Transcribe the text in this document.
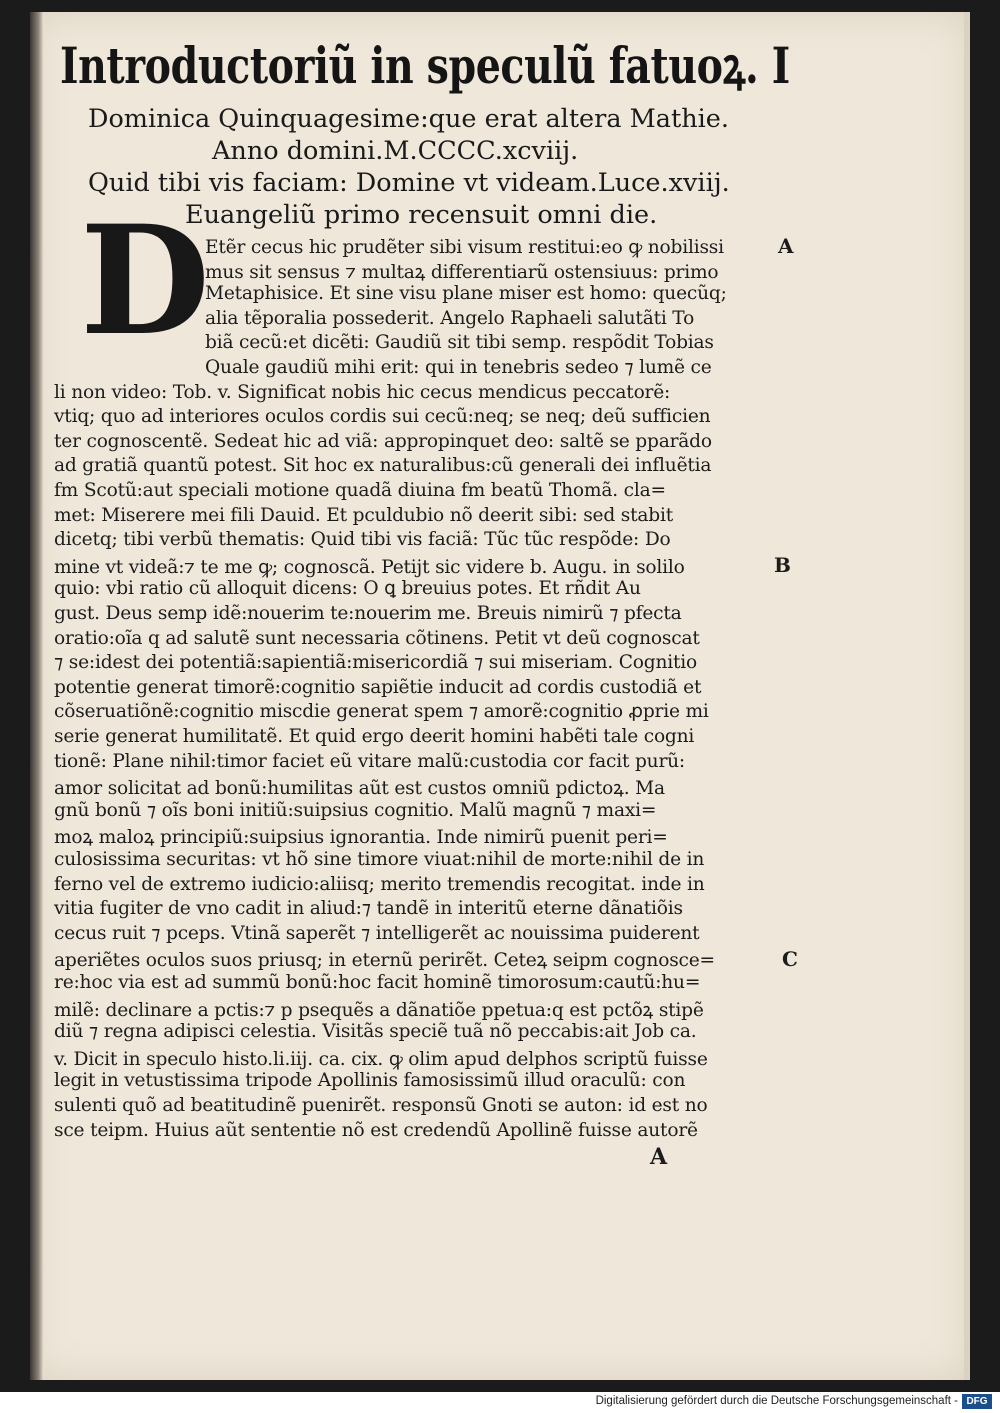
Introductoriũ in speculũ fatuoꝝ. I
Dominica Quinquagesime:que erat altera Mathie.
Anno domini.M.CCCC.xcviij.
Quid tibi vis faciam: Domine vt videam.Luce.xviij.
Euangeliũ primo recensuit omni die.
D
Etẽr cecus hic prudẽter sibi visum restitui:eo ꝙ nobilissi
mus sit sensus ⁊ multaꝝ differentiarũ ostensiuus: primo
Metaphisice. Et sine visu plane miser est homo: quecũq;
alia tẽporalia possederit. Angelo Raphaeli salutãti To
biã cecũ:et dicẽti: Gaudiũ sit tibi semp. respõdit Tobias
Quale gaudiũ mihi erit: qui in tenebris sedeo ⁊ lumẽ ce
li non video: Tob. v. Significat nobis hic cecus mendicus peccatorẽ:
vtiq; quo ad interiores oculos cordis sui cecũ:neq; se neq; deũ sufficien
ter cognoscentẽ. Sedeat hic ad viã: appropinquet deo: saltẽ se pparãdo
ad gratiã quantũ potest. Sit hoc ex naturalibus:cũ generali dei influẽtia
fm Scotũ:aut speciali motione quadã diuina fm beatũ Thomã. cla=
met: Miserere mei fili Dauid. Et pculdubio nõ deerit sibi: sed stabit
dicetq; tibi verbũ thematis: Quid tibi vis faciã: Tũc tũc respõde: Do
mine vt videã:⁊ te me ꝙ; cognoscã. Petijt sic videre b. Augu. in solilo
quio: vbi ratio cũ alloquit dicens: O ꝗ breuius potes. Et rñdit Au
gust. Deus semp idẽ:nouerim te:nouerim me. Breuis nimirũ ⁊ pfecta
oratio:oĩa q ad salutẽ sunt necessaria cõtinens. Petit vt deũ cognoscat
⁊ se:idest dei potentiã:sapientiã:misericordiã ⁊ sui miseriam. Cognitio
potentie generat timorẽ:cognitio sapiẽtie inducit ad cordis custodiã et
cõseruatiõnẽ:cognitio miscdie generat spem ⁊ amorẽ:cognitio ꝓprie mi
serie generat humilitatẽ. Et quid ergo deerit homini habẽti tale cogni
tionẽ: Plane nihil:timor faciet eũ vitare malũ:custodia cor facit purũ:
amor solicitat ad bonũ:humilitas aũt est custos omniũ pdictoꝝ. Ma
gnũ bonũ ⁊ oĩs boni initiũ:suipsius cognitio. Malũ magnũ ⁊ maxi=
moꝝ maloꝝ principiũ:suipsius ignorantia. Inde nimirũ puenit peri=
culosissima securitas: vt hõ sine timore viuat:nihil de morte:nihil de in
ferno vel de extremo iudicio:aliisq; merito tremendis recogitat. inde in
vitia fugiter de vno cadit in aliud:⁊ tandẽ in interitũ eterne dãnatiõis
cecus ruit ⁊ pceps. Vtinã saperẽt ⁊ intelligerẽt ac nouissima puiderent
aperiẽtes oculos suos priusq; in eternũ perirẽt. Ceteꝝ seipm cognosce=
re:hoc via est ad summũ bonũ:hoc facit hominẽ timorosum:cautũ:hu=
milẽ: declinare a pctis:⁊ p psequẽs a dãnatiõe ppetua:q est pctõꝝ stipẽ
diũ ⁊ regna adipisci celestia. Visitãs speciẽ tuã nõ peccabis:ait Job ca.
v. Dicit in speculo histo.li.iij. ca. cix. ꝙ olim apud delphos scriptũ fuisse
legit in vetustissima tripode Apollinis famosissimũ illud oraculũ: con
sulenti quõ ad beatitudinẽ puenirẽt. responsũ Gnoti se auton: id est no
sce teipm. Huius aũt sententie nõ est credendũ Apollinẽ fuisse autorẽ
A
B
C
A
Digitalisierung gefördert durch die Deutsche Forschungsgemeinschaft - DFG
